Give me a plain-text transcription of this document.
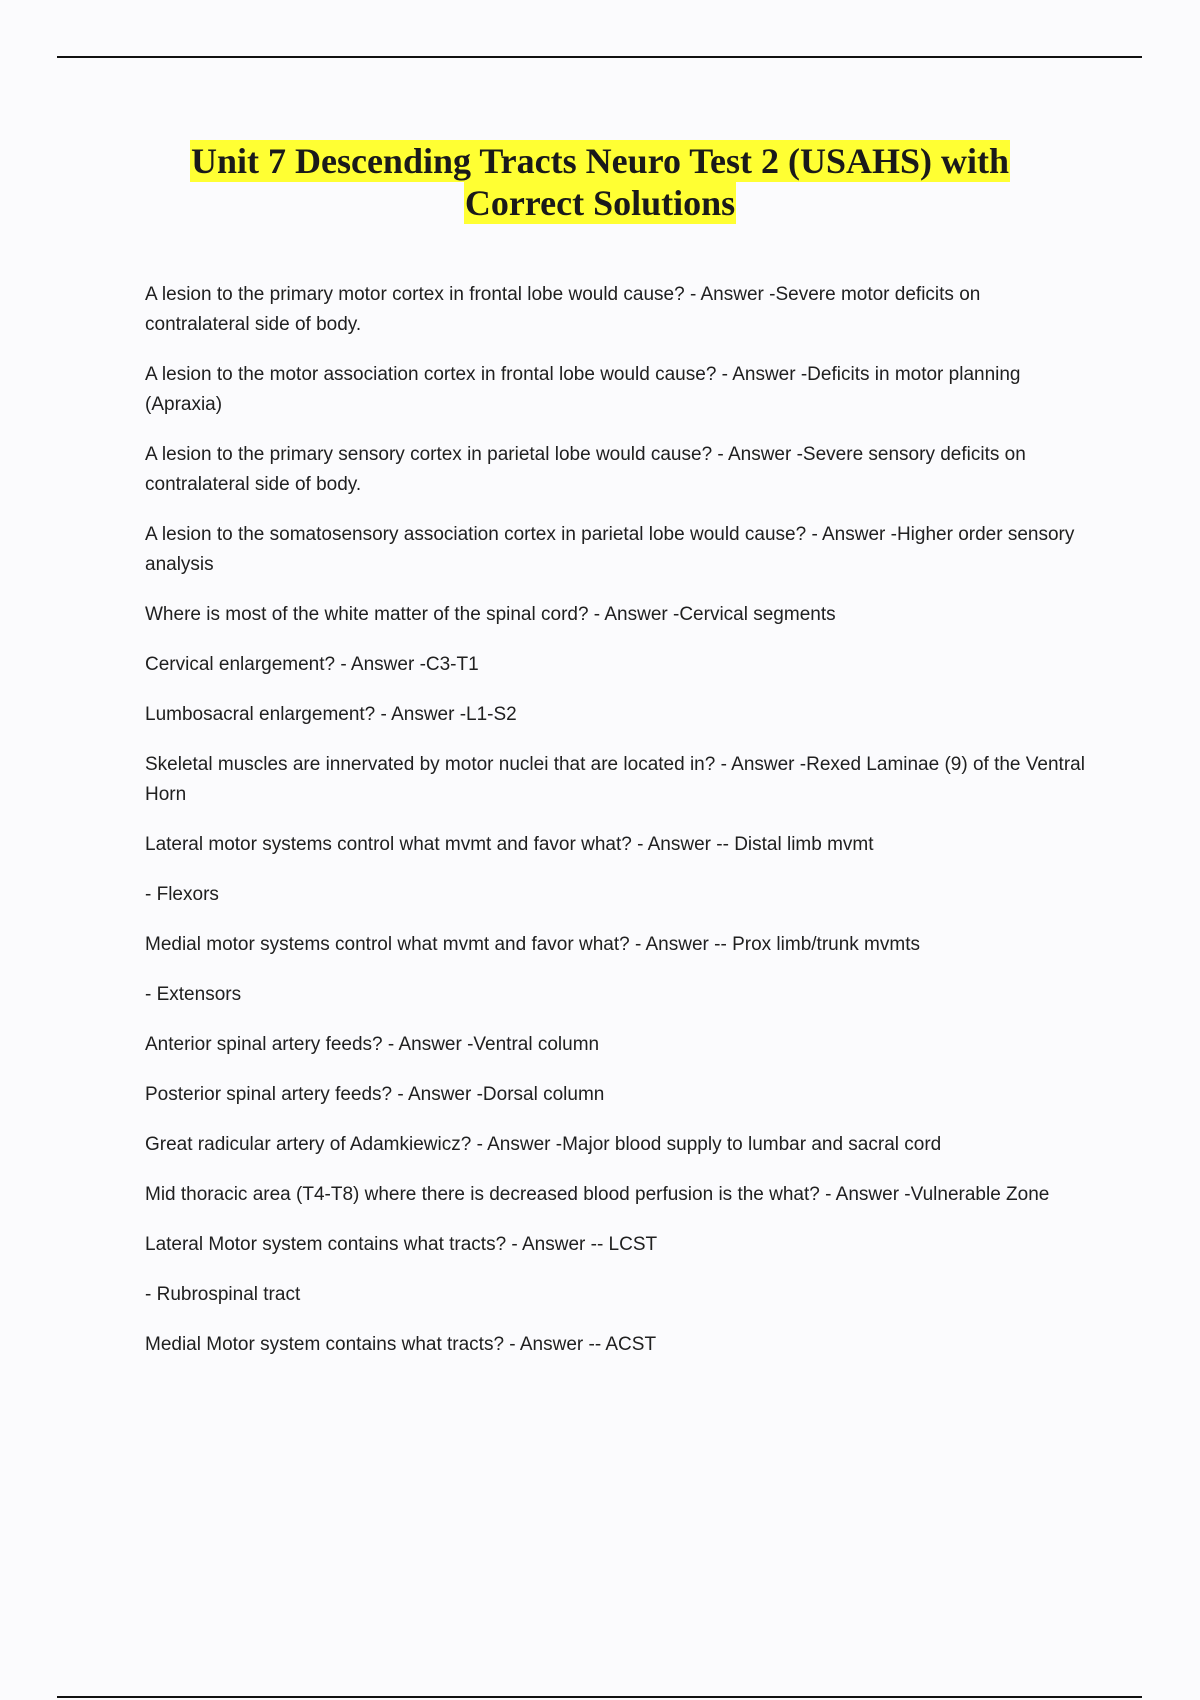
Unit 7 Descending Tracts Neuro Test 2 (USAHS) with
Correct Solutions

A lesion to the primary motor cortex in frontal lobe would cause? - Answer -Severe motor deficits on contralateral side of body.

A lesion to the motor association cortex in frontal lobe would cause? - Answer -Deficits in motor planning (Apraxia)

A lesion to the primary sensory cortex in parietal lobe would cause? - Answer -Severe sensory deficits on contralateral side of body.

A lesion to the somatosensory association cortex in parietal lobe would cause? - Answer -Higher order sensory analysis

Where is most of the white matter of the spinal cord? - Answer -Cervical segments

Cervical enlargement? - Answer -C3-T1

Lumbosacral enlargement? - Answer -L1-S2

Skeletal muscles are innervated by motor nuclei that are located in? - Answer -Rexed Laminae (9) of the Ventral Horn

Lateral motor systems control what mvmt and favor what? - Answer -- Distal limb mvmt

- Flexors

Medial motor systems control what mvmt and favor what? - Answer -- Prox limb/trunk mvmts

- Extensors

Anterior spinal artery feeds? - Answer -Ventral column

Posterior spinal artery feeds? - Answer -Dorsal column

Great radicular artery of Adamkiewicz? - Answer -Major blood supply to lumbar and sacral cord

Mid thoracic area (T4-T8) where there is decreased blood perfusion is the what? - Answer -Vulnerable Zone

Lateral Motor system contains what tracts? - Answer -- LCST

- Rubrospinal tract

Medial Motor system contains what tracts? - Answer -- ACST
